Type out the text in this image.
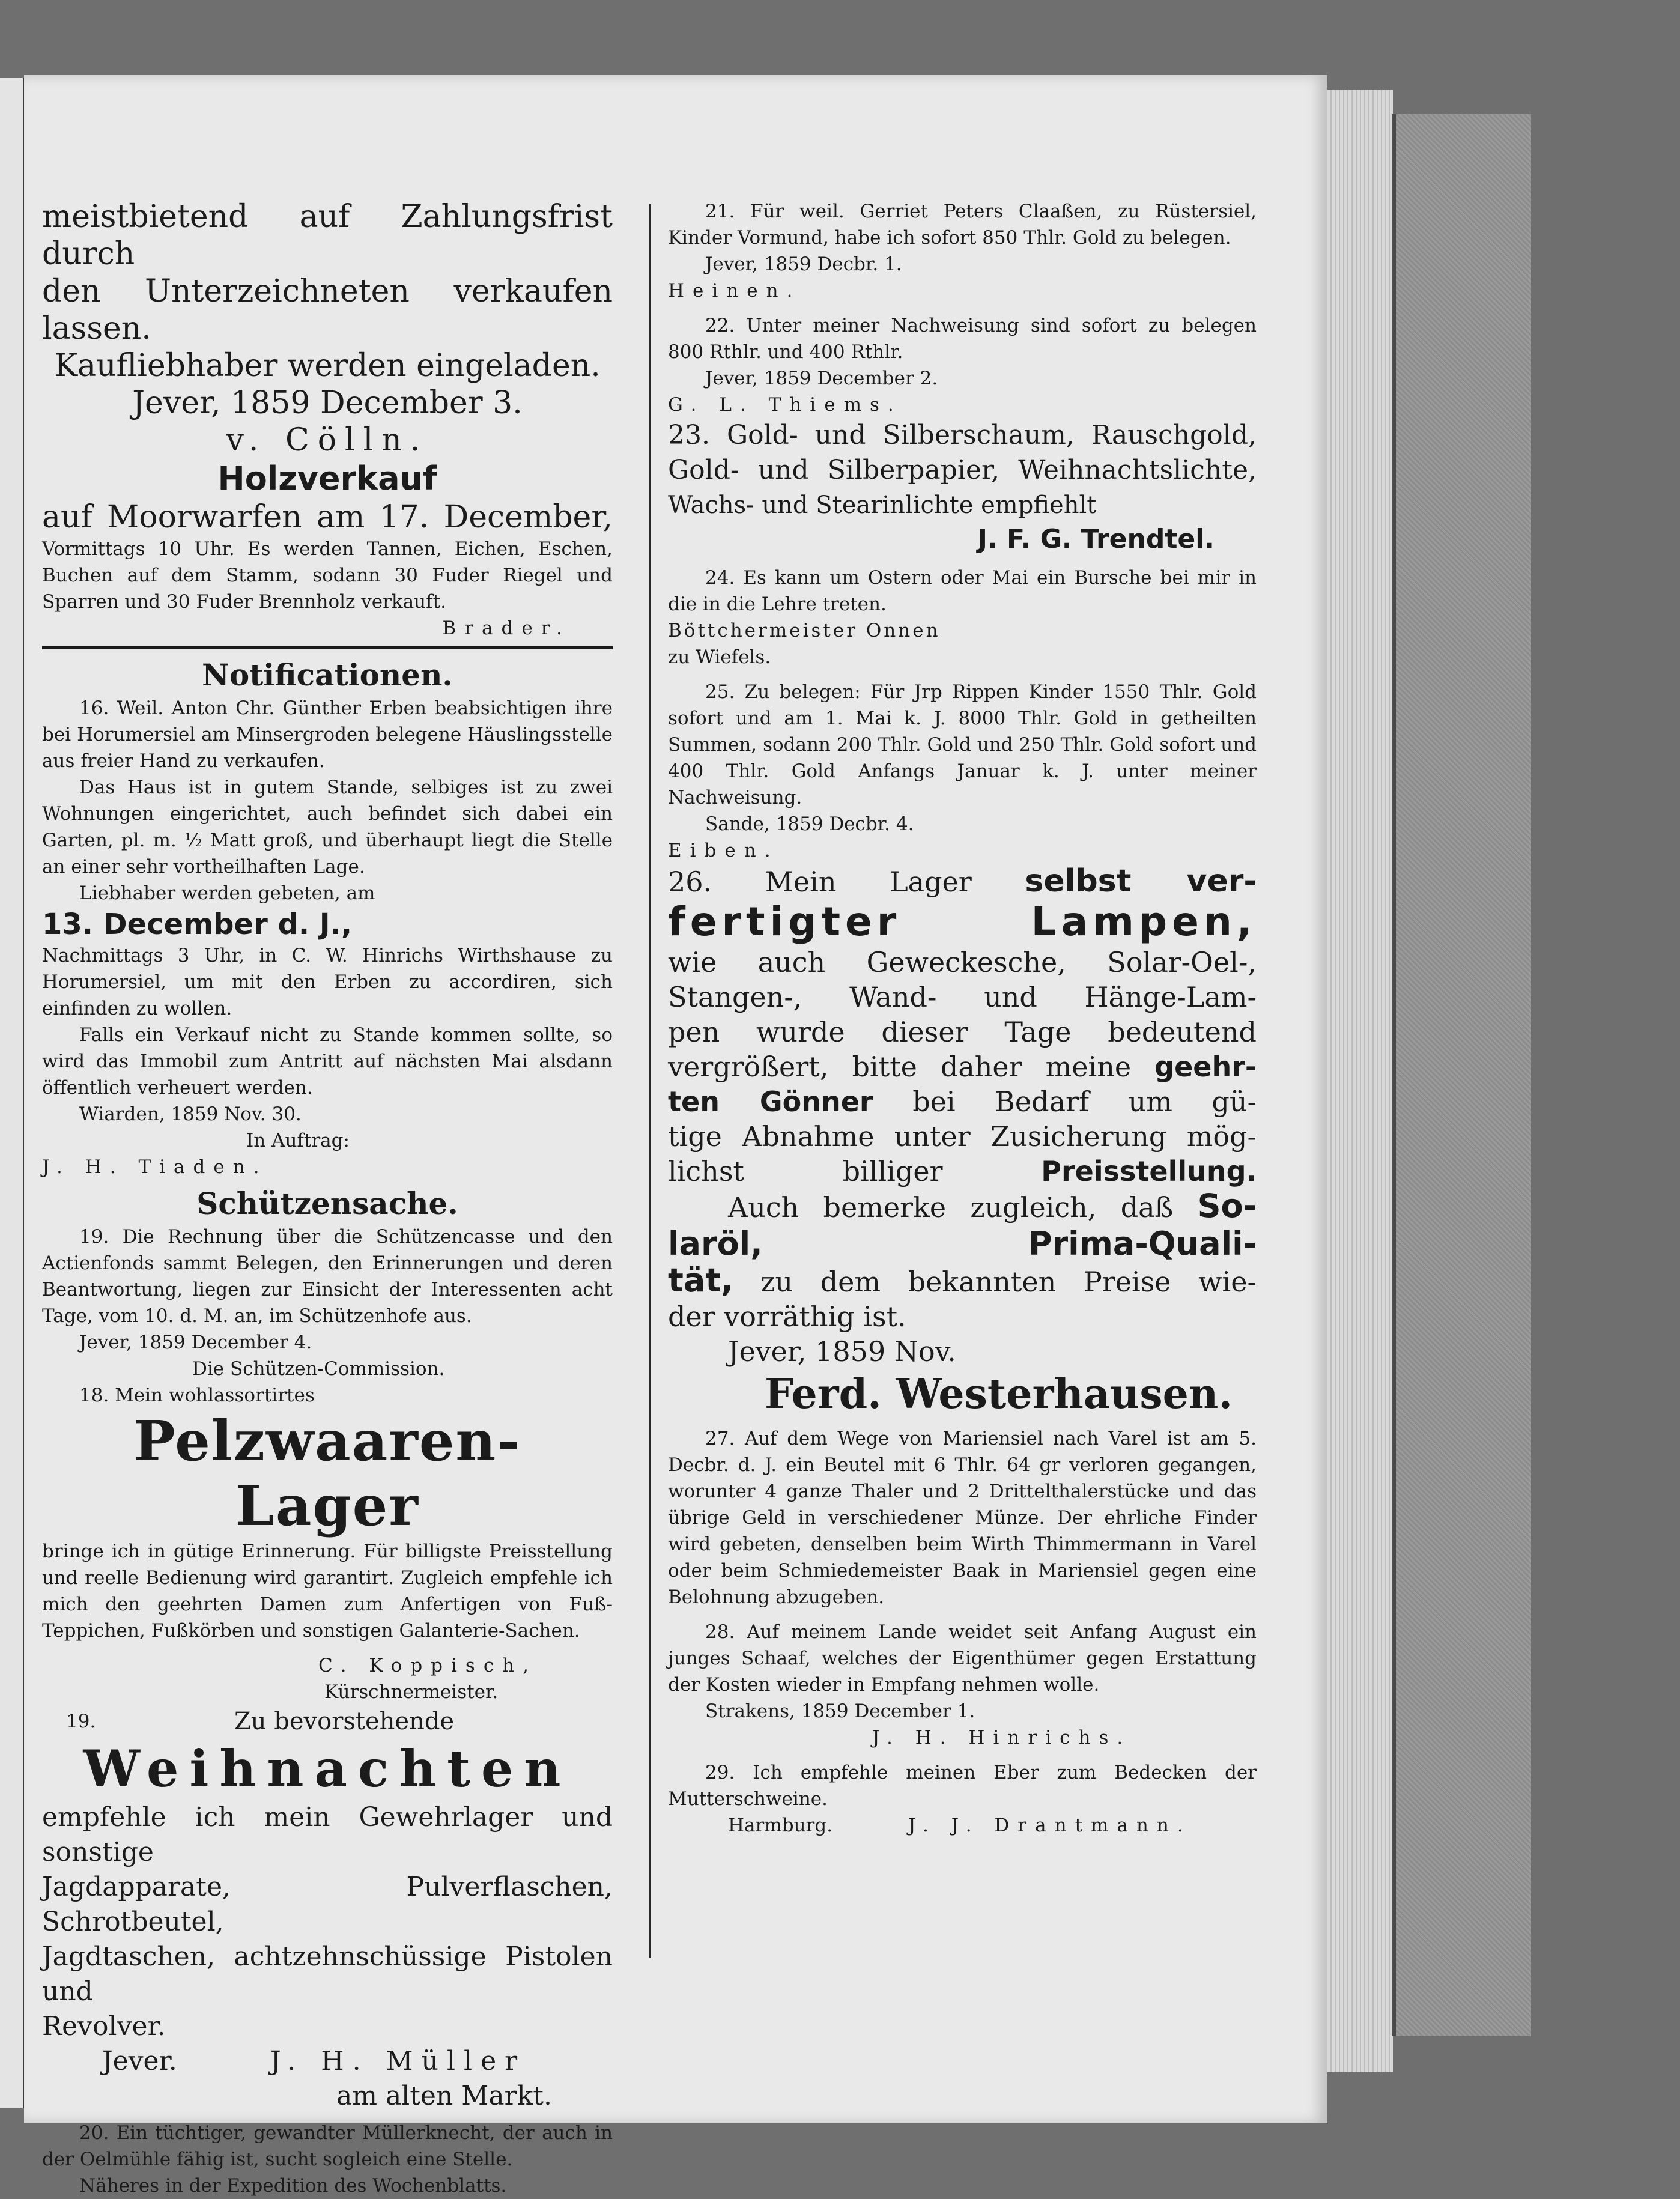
meistbietend auf Zahlungsfrist durch

den Unterzeichneten verkaufen lassen.

Kaufliebhaber werden eingeladen.

Jever, 1859 December 3.

v. Cölln.

Holzverkauf

auf Moorwarfen am 17. December,

Vormittags 10 Uhr. Es werden Tannen, Eichen, Eschen, Buchen auf dem Stamm, sodann 30 Fuder Riegel und Sparren und 30 Fuder Brennholz verkauft.

Brader.

Notificationen.

16. Weil. Anton Chr. Günther Erben beabsichtigen ihre bei Horumersiel am Minsergroden belegene Häuslingsstelle aus freier Hand zu verkaufen.

Das Haus ist in gutem Stande, selbiges ist zu zwei Wohnungen eingerichtet, auch befindet sich dabei ein Garten, pl. m. ½ Matt groß, und überhaupt liegt die Stelle an einer sehr vortheilhaften Lage.

Liebhaber werden gebeten, am

13. December d. J.,

Nachmittags 3 Uhr, in C. W. Hinrichs Wirthshause zu Horumersiel, um mit den Erben zu accordiren, sich einfinden zu wollen.

Falls ein Verkauf nicht zu Stande kommen sollte, so wird das Immobil zum Antritt auf nächsten Mai alsdann öffentlich verheuert werden.

Wiarden, 1859 Nov. 30.

In Auftrag:

J. H. Tiaden.

Schützensache.

19. Die Rechnung über die Schützencasse und den Actienfonds sammt Belegen, den Erinnerungen und deren Beantwortung, liegen zur Einsicht der Interessenten acht Tage, vom 10. d. M. an, im Schützenhofe aus.

Jever, 1859 December 4.

Die Schützen-Commission.

18. Mein wohlassortirtes

Pelzwaaren-Lager

bringe ich in gütige Erinnerung. Für billigste Preisstellung und reelle Bedienung wird garantirt. Zugleich empfehle ich mich den geehrten Damen zum Anfertigen von Fuß-Teppichen, Fußkörben und sonstigen Galanterie-Sachen.

C. Koppisch,

Kürschnermeister.

19.	Zu bevorstehende

Weihnachten

empfehle ich mein Gewehrlager und sonstige

Jagdapparate, Pulverflaschen, Schrotbeutel,

Jagdtaschen, achtzehnschüssige Pistolen und

Revolver.

Jever.	J. H. Müller

am alten Markt.

20. Ein tüchtiger, gewandter Müllerknecht, der auch in der Oelmühle fähig ist, sucht sogleich eine Stelle.

Näheres in der Expedition des Wochenblatts.

21. Für weil. Gerriet Peters Claaßen, zu Rüstersiel, Kinder Vormund, habe ich sofort 850 Thlr. Gold zu belegen.

Jever, 1859 Decbr. 1.

Heinen.

22. Unter meiner Nachweisung sind sofort zu belegen 800 Rthlr. und 400 Rthlr.

Jever, 1859 December 2.

G. L. Thiems.

23. Gold- und Silberschaum, Rauschgold,

Gold- und Silberpapier, Weihnachtslichte,

Wachs- und Stearinlichte empfiehlt

J. F. G. Trendtel.

24. Es kann um Ostern oder Mai ein Bursche bei mir in die in die Lehre treten.

Böttchermeister Onnen

zu Wiefels.

25. Zu belegen: Für Jrp Rippen Kinder 1550 Thlr. Gold sofort und am 1. Mai k. J. 8000 Thlr. Gold in getheilten Summen, sodann 200 Thlr. Gold und 250 Thlr. Gold sofort und 400 Thlr. Gold Anfangs Januar k. J. unter meiner Nachweisung.

Sande, 1859 Decbr. 4.

Eiben.

26. Mein Lager selbst ver-

fertigter Lampen,

wie auch Geweckesche, Solar-Oel-,

Stangen-, Wand- und Hänge-Lam-

pen wurde dieser Tage bedeutend

vergrößert, bitte daher meine geehr-

ten Gönner bei Bedarf um gü-

tige Abnahme unter Zusicherung mög-

lichst billiger	Preisstellung.

Auch bemerke zugleich, daß So-

laröl, Prima-Quali-

tät, zu dem bekannten Preise wie-

der vorräthig ist.

Jever, 1859 Nov.

Ferd. Westerhausen.

27. Auf dem Wege von Mariensiel nach Varel ist am 5. Decbr. d. J. ein Beutel mit 6 Thlr. 64 gr verloren gegangen, worunter 4 ganze Thaler und 2 Drittelthalerstücke und das übrige Geld in verschiedener Münze. Der ehrliche Finder wird gebeten, denselben beim Wirth Thimmermann in Varel oder beim Schmiedemeister Baak in Mariensiel gegen eine Belohnung abzugeben.

28. Auf meinem Lande weidet seit Anfang August ein junges Schaaf, welches der Eigenthümer gegen Erstattung der Kosten wieder in Empfang nehmen wolle.

Strakens, 1859 December 1.

J. H. Hinrichs.

29. Ich empfehle meinen Eber zum Bedecken der Mutterschweine.

Harmburg.	J. J. Drantmann.
